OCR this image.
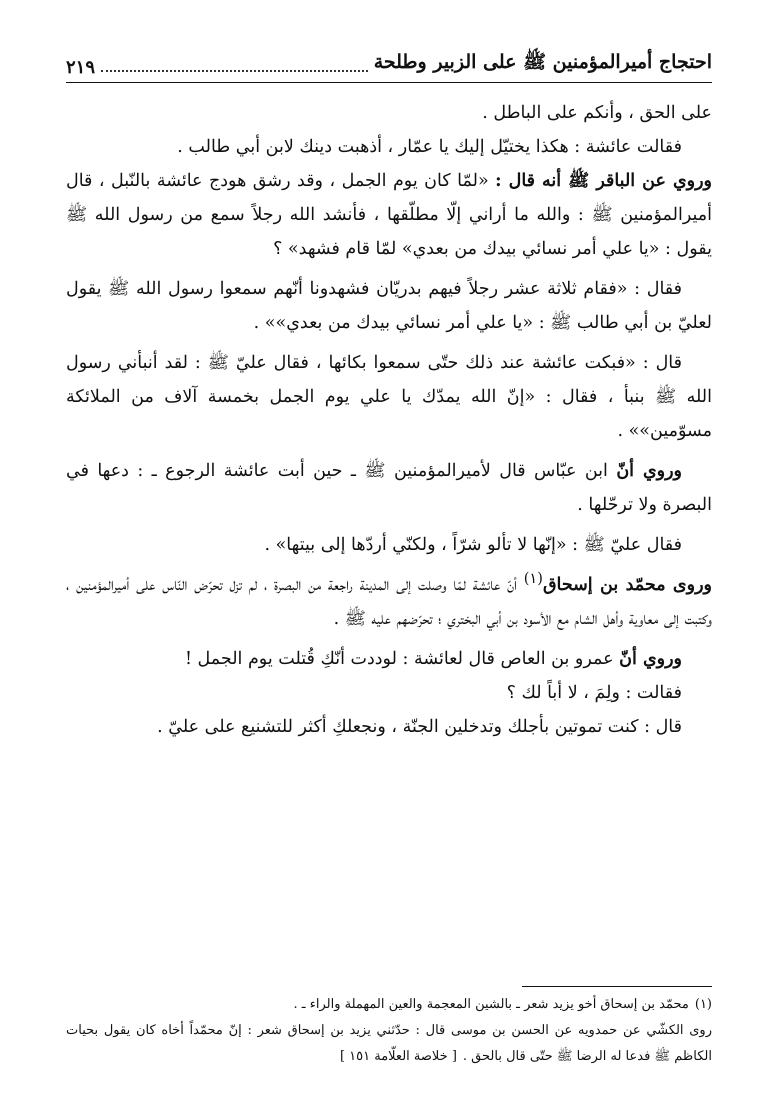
احتجاج أميرالمؤمنين ﷺ على الزبير وطلحة
٢١٩

على الحق ، وأنكم على الباطل .

فقالت عائشة : هكذا يختيّل إليك يا عمّار ، أذهبت دينك لابن أبي طالب .

وروي عن الباقر ﷺ أنه قال : «لمّا كان يوم الجمل ، وقد رشق هودج عائشة بالنّبل ، قال أميرالمؤمنين ﷺ : والله ما أراني إلّا مطلّقها ، فأنشد الله رجلاً سمع من رسول الله ﷺ يقول : «يا علي أمر نسائي بيدك من بعدي» لمّا قام فشهد» ؟

فقال : «فقام ثلاثة عشر رجلاً فيهم بدريّان فشهدونا أنّهم سمعوا رسول الله ﷺ يقول لعليّ بن أبي طالب ﷺ : «يا علي أمر نسائي بيدك من بعدي»» .

قال : «فبكت عائشة عند ذلك حتّى سمعوا بكائها ، فقال عليّ ﷺ : لقد أنبأني رسول الله ﷺ بنبأ ، فقال : «إنّ الله يمدّك يا علي يوم الجمل بخمسة آلاف من الملائكة مسوّمين»» .

وروي أنّ ابن عبّاس قال لأميرالمؤمنين ﷺ ـ حين أبت عائشة الرجوع ـ : دعها في البصرة ولا ترحّلها .

فقال عليّ ﷺ : «إنّها لا تألو شرّاً ، ولكنّي أردّها إلى بيتها» .

وروى محمّد بن إسحاق$^{(١)}$ أنّ عائشة لمّا وصلت إلى المدينة راجعة من البصرة ، لم تزل تحرّض النّاس على أميرالمؤمنين ، وكتبت إلى معاوية وأهل الشام مع الأسود بن أبي البختري ؛ تحرّضهم عليه ﷺ .

وروي أنّ عمرو بن العاص قال لعائشة : لوددت أنّكِ قُتلت يوم الجمل !

فقالت : ولِمَ ، لا أباً لك ؟

قال : كنت تموتين بأجلك وتدخلين الجنّة ، ونجعلكِ أكثر للتشنيع على عليّ .

(١)محمّد بن إسحاق أخو يزيد شعر ـ بالشين المعجمة والعين المهملة والراء ـ .

روى الكشّي عن حمدويه عن الحسن بن موسى قال : حدّثني يزيد بن إسحاق شعر : إنّ محمّداً أخاه كان يقول بحيات الكاظم ﷺ فدعا له الرضا ﷺ حتّى قال بالحق .[ خلاصة العلّامة ١٥١ ]
